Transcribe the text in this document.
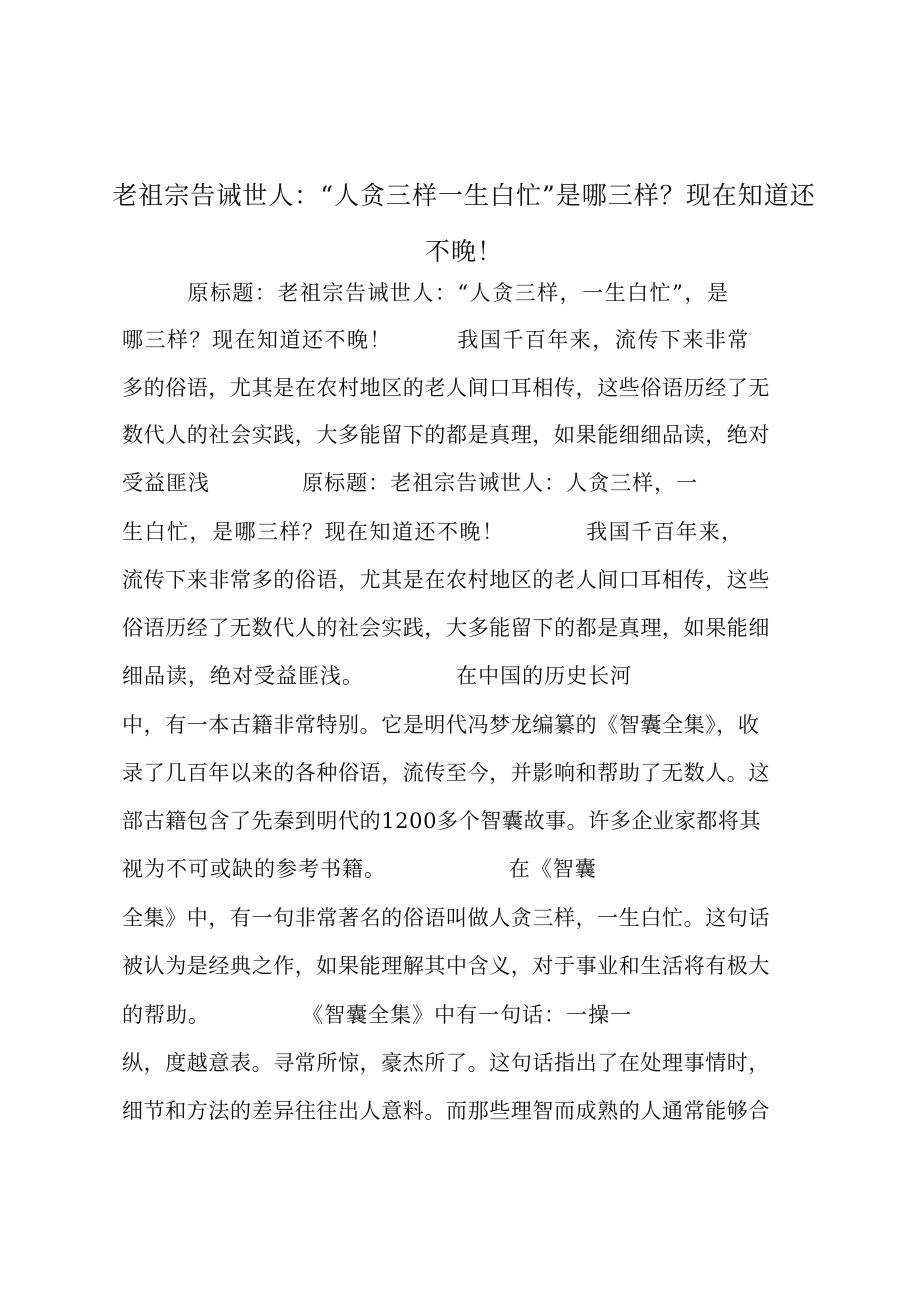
老祖宗告诫世人：“人贪三样一生白忙”是哪三样？现在知道还不晚！
原标题：老祖宗告诫世人：“人贪三样，一生白忙”，是
哪三样？现在知道还不晚！        我国千百年来，流传下来非常
多的俗语，尤其是在农村地区的老人间口耳相传，这些俗语历经了无
数代人的社会实践，大多能留下的都是真理，如果能细细品读，绝对
受益匪浅            原标题：老祖宗告诫世人：人贪三样，一
生白忙，是哪三样？现在知道还不晚！          我国千百年来，
流传下来非常多的俗语，尤其是在农村地区的老人间口耳相传，这些
俗语历经了无数代人的社会实践，大多能留下的都是真理，如果能细
细品读，绝对受益匪浅。            在中国的历史长河
中，有一本古籍非常特别。它是明代冯梦龙编纂的《智囊全集》，收
录了几百年以来的各种俗语，流传至今，并影响和帮助了无数人。这
部古籍包含了先秦到明代的1200多个智囊故事。许多企业家都将其
视为不可或缺的参考书籍。                在《智囊
全集》中，有一句非常著名的俗语叫做人贪三样，一生白忙。这句话
被认为是经典之作，如果能理解其中含义，对于事业和生活将有极大
的帮助。            《智囊全集》中有一句话：一操一
纵，度越意表。寻常所惊，豪杰所了。这句话指出了在处理事情时，
细节和方法的差异往往出人意料。而那些理智而成熟的人通常能够合
